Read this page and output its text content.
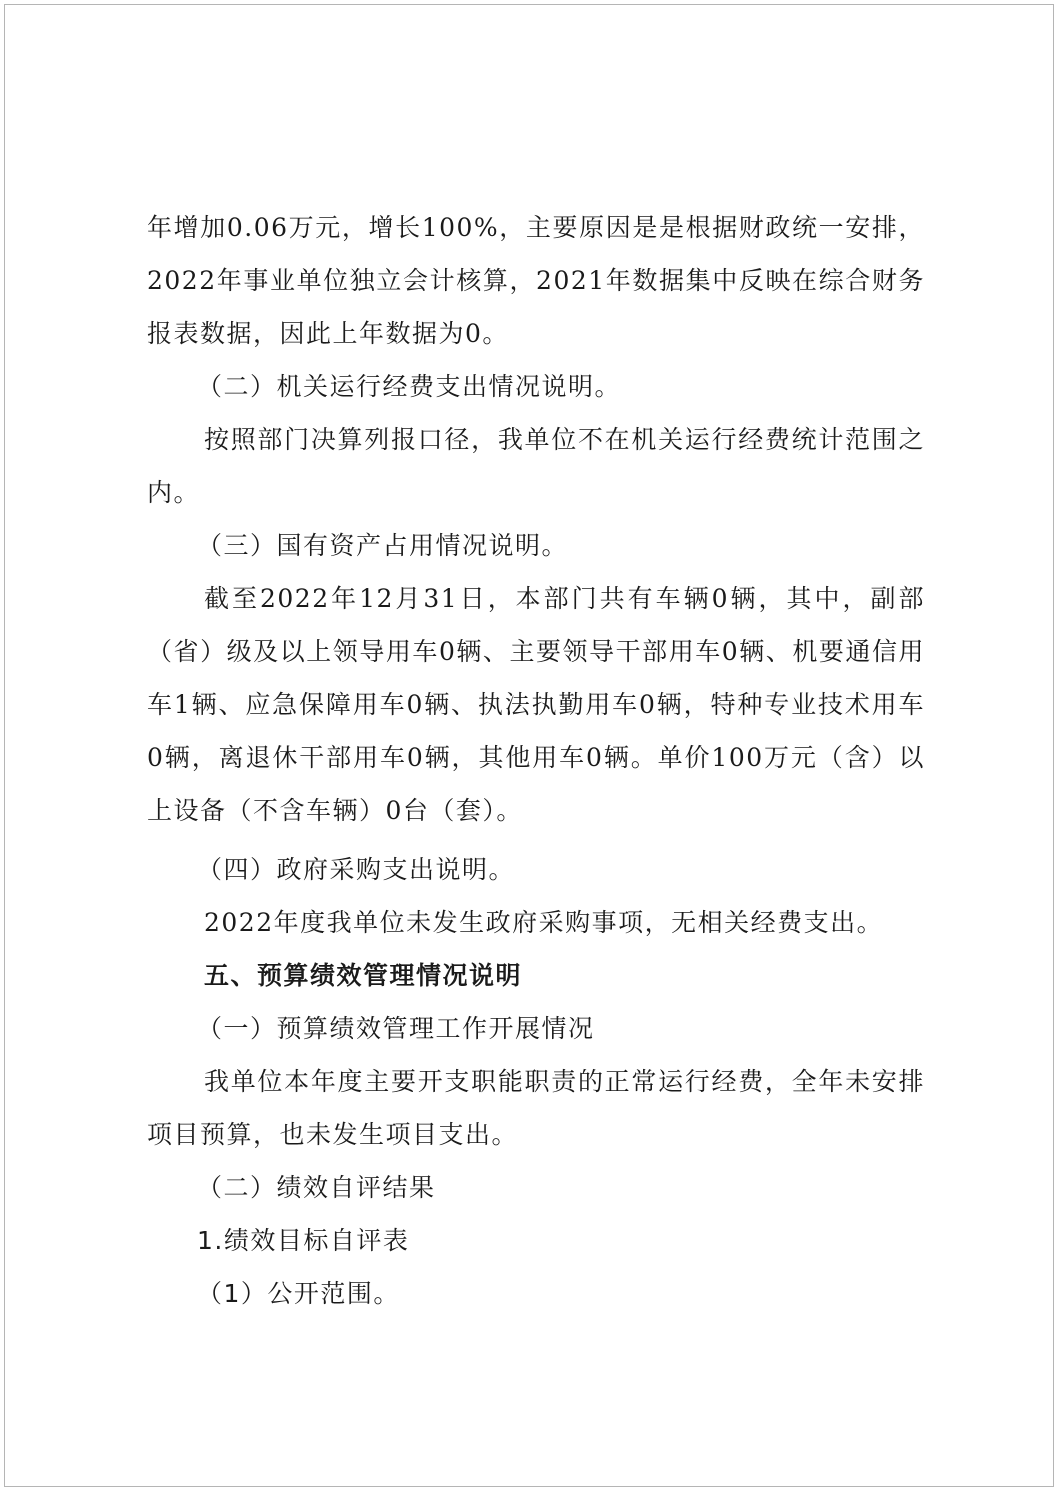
年增加0.06万元，增长100%，主要原因是是根据财政统一安排，2022年事业单位独立会计核算，2021年数据集中反映在综合财务报表数据，因此上年数据为0。

（二）机关运行经费支出情况说明。

按照部门决算列报口径，我单位不在机关运行经费统计范围之内。

（三）国有资产占用情况说明。

截至2022年12月31日，本部门共有车辆0辆，其中，副部（省）级及以上领导用车0辆、主要领导干部用车0辆、机要通信用车1辆、应急保障用车0辆、执法执勤用车0辆，特种专业技术用车0辆，离退休干部用车0辆，其他用车0辆。单价100万元（含）以上设备（不含车辆）0台（套）。

（四）政府采购支出说明。

2022年度我单位未发生政府采购事项，无相关经费支出。

五、预算绩效管理情况说明

（一）预算绩效管理工作开展情况

我单位本年度主要开支职能职责的正常运行经费，全年未安排项目预算，也未发生项目支出。

（二）绩效自评结果

1.绩效目标自评表

（1）公开范围。
